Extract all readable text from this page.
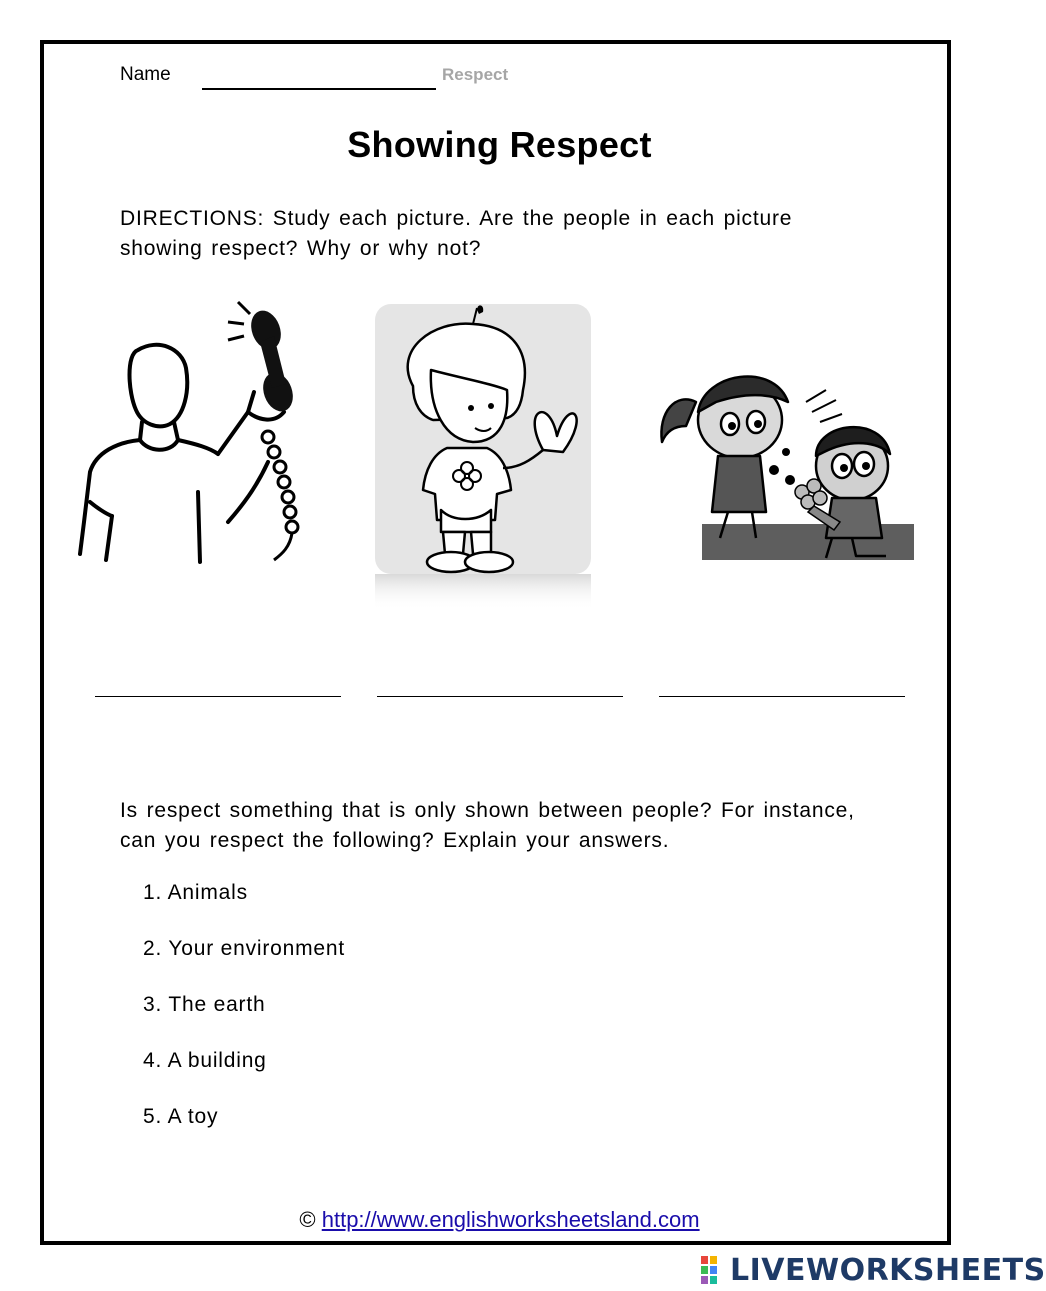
Name	Respect
Showing Respect
DIRECTIONS: Study each picture. Are the people in each picture showing respect? Why or why not?
Is respect something that is only shown between people? For instance, can you respect the following? Explain your answers.
1. Animals
2. Your environment
3. The earth
4. A building
5. A toy
© http://www.englishworksheetsland.com
LIVEWORKSHEETS
